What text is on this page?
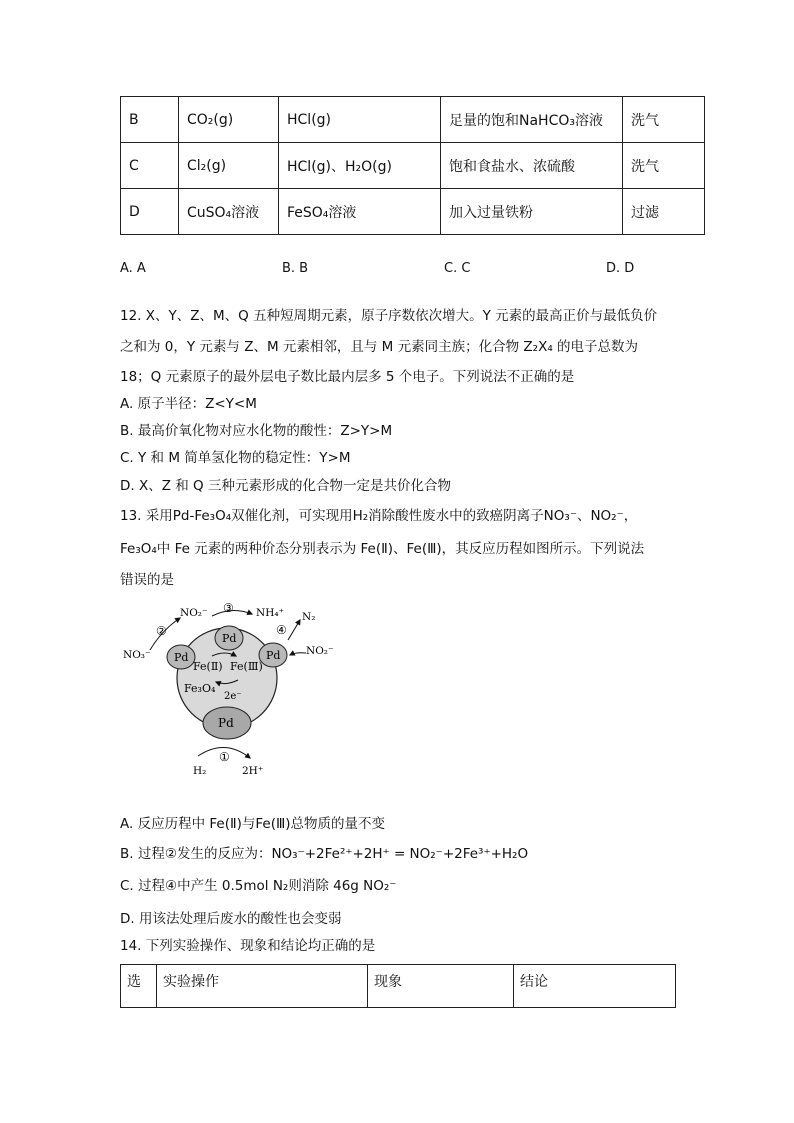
B	CO₂(g)	HCl(g)	足量的饱和NaHCO₃溶液	洗气
C	Cl₂(g)	HCl(g)、H₂O(g)	饱和食盐水、浓硫酸	洗气
D	CuSO₄溶液	FeSO₄溶液	加入过量铁粉	过滤
A. A	B. B	C. C	D. D
12. X、Y、Z、M、Q 五种短周期元素，原子序数依次增大。Y 元素的最高正价与最低负价
之和为 0，Y 元素与 Z、M 元素相邻，且与 M 元素同主族；化合物 Z₂X₄ 的电子总数为
18；Q 元素原子的最外层电子数比最内层多 5 个电子。下列说法不正确的是
A. 原子半径：Z<Y<M
B. 最高价氧化物对应水化物的酸性：Z>Y>M
C. Y 和 M 简单氢化物的稳定性：Y>M
D. X、Z 和 Q 三种元素形成的化合物一定是共价化合物
13. 采用Pd-Fe₃O₄双催化剂，可实现用H₂消除酸性废水中的致癌阴离子NO₃⁻、NO₂⁻，
Fe₃O₄中 Fe 元素的两种价态分别表示为 Fe(Ⅱ)、Fe(Ⅲ)，其反应历程如图所示。下列说法
错误的是
Pd
Pd	Pd
Pd
Fe(Ⅱ) Fe(Ⅲ)
Fe₃O₄
2e⁻
NO₃⁻
②
NO₂⁻ ③ NH₄⁺
④
N₂
NO₂⁻
①
H₂	2H⁺
A. 反应历程中 Fe(Ⅱ)与Fe(Ⅲ)总物质的量不变
B. 过程②发生的反应为：NO₃⁻+2Fe²⁺+2H⁺ = NO₂⁻+2Fe³⁺+H₂O
C. 过程④中产生 0.5mol N₂则消除 46g NO₂⁻
D. 用该法处理后废水的酸性也会变弱
14. 下列实验操作、现象和结论均正确的是
选	实验操作	现象	结论
